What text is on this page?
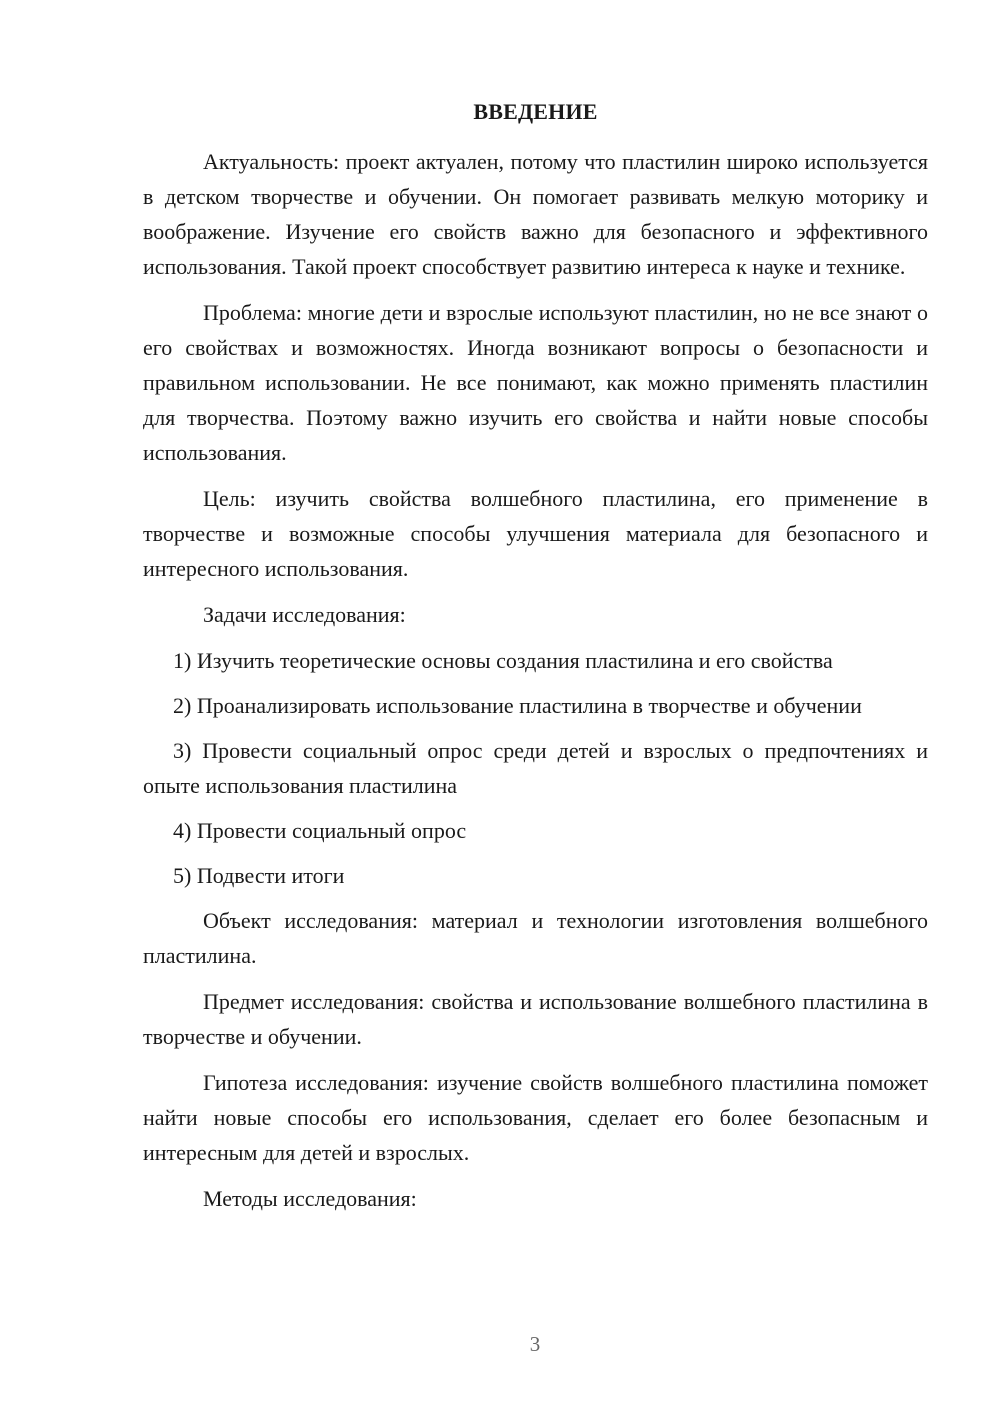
ВВЕДЕНИЕ

Актуальность: проект актуален, потому что пластилин широко используется в детском творчестве и обучении. Он помогает развивать мелкую моторику и воображение. Изучение его свойств важно для безопасного и эффективного использования. Такой проект способствует развитию интереса к науке и технике.

Проблема: многие дети и взрослые используют пластилин, но не все знают о его свойствах и возможностях. Иногда возникают вопросы о безопасности и правильном использовании. Не все понимают, как можно применять пластилин для творчества. Поэтому важно изучить его свойства и найти новые способы использования.

Цель: изучить свойства волшебного пластилина, его применение в творчестве и возможные способы улучшения материала для безопасного и интересного использования.

Задачи исследования:

1) Изучить теоретические основы создания пластилина и его свойства

2) Проанализировать использование пластилина в творчестве и обучении

3) Провести социальный опрос среди детей и взрослых о предпочтениях и опыте использования пластилина

4) Провести социальный опрос

5) Подвести итоги

Объект исследования: материал и технологии изготовления волшебного пластилина.

Предмет исследования: свойства и использование волшебного пластилина в творчестве и обучении.

Гипотеза исследования: изучение свойств волшебного пластилина поможет найти новые способы его использования, сделает его более безопасным и интересным для детей и взрослых.

Методы исследования:

3
